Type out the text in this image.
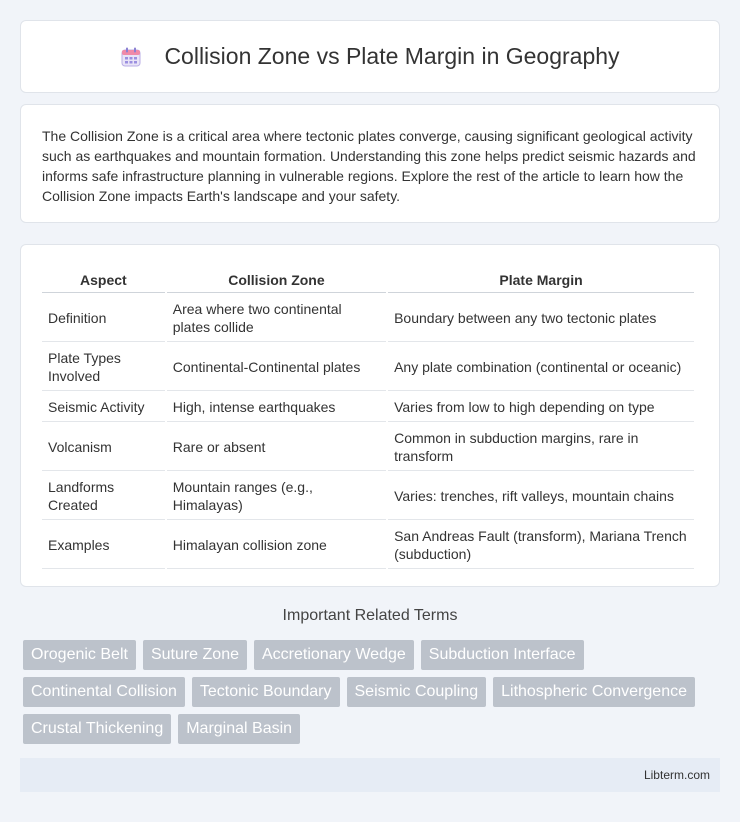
Collision Zone vs Plate Margin in Geography

The Collision Zone is a critical area where tectonic plates converge, causing significant geological activity such as earthquakes and mountain formation. Understanding this zone helps predict seismic hazards and informs safe infrastructure planning in vulnerable regions. Explore the rest of the article to learn how the Collision Zone impacts Earth's landscape and your safety.

Aspect	Collision Zone	Plate Margin
Definition	Area where two continental plates collide	Boundary between any two tectonic plates
Plate Types Involved	Continental-Continental plates	Any plate combination (continental or oceanic)
Seismic Activity	High, intense earthquakes	Varies from low to high depending on type
Volcanism	Rare or absent	Common in subduction margins, rare in transform
Landforms Created	Mountain ranges (e.g., Himalayas)	Varies: trenches, rift valleys, mountain chains
Examples	Himalayan collision zone	San Andreas Fault (transform), Mariana Trench (subduction)
Important Related Terms
Orogenic Belt	Suture Zone	Accretionary Wedge	Subduction Interface
Continental Collision	Tectonic Boundary	Seismic Coupling	Lithospheric Convergence
Crustal Thickening	Marginal Basin
Libterm.com
